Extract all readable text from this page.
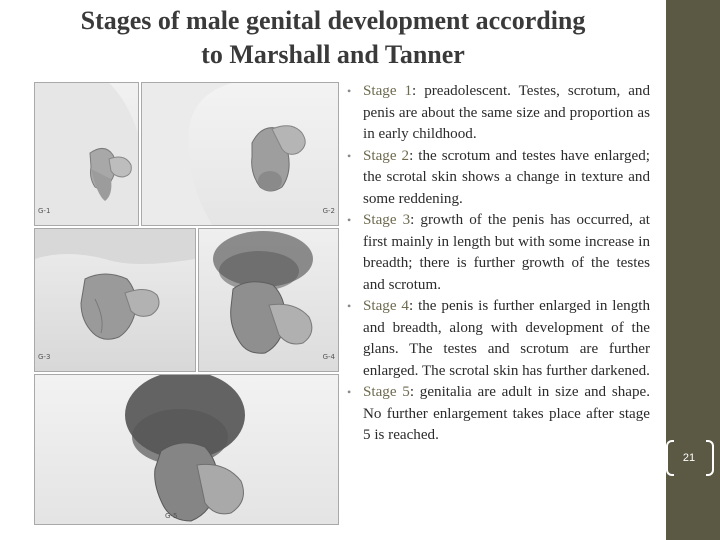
Stages of male genital development according
to Marshall and Tanner
G-1	G-2
G-3	G-4
G-5
• Stage 1: preadolescent. Testes, scrotum, and penis are about the same size and proportion as in early childhood.
• Stage 2: the scrotum and testes have enlarged; the scrotal skin shows a change in texture and some reddening.
• Stage 3: growth of the penis has occurred, at first mainly in length but with some increase in breadth; there is further growth of the testes and scrotum.
• Stage 4: the penis is further enlarged in length and breadth, along with development of the glans. The testes and scrotum are further enlarged. The scrotal skin has further darkened.
• Stage 5: genitalia are adult in size and shape. No further enlargement takes place after stage 5 is reached.
21
